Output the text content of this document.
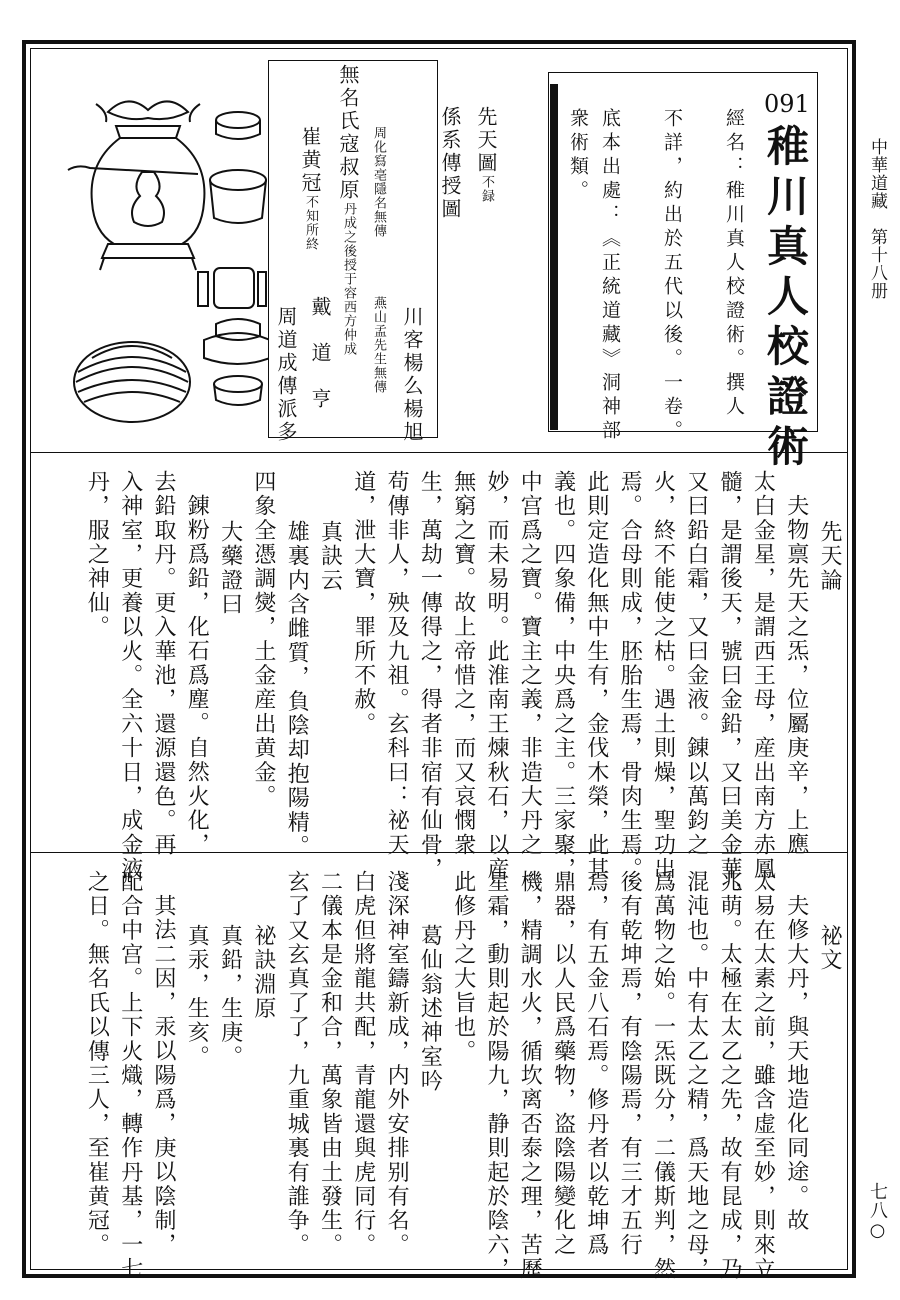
中華道藏　第十八册
七八○
091
稚川真人校證術
經名：稚川真人校證術。撰人
不詳，約出於五代以後。一卷。
底本出處：《正統道藏》洞神部
衆術類。
先天圖不録
係系傳授圖
川客楊么楊旭
燕山孟先生無傳
周化寫亳隱名無傳
戴　道　亨
周道成傳派多
無名氏寇叔原丹成之後授于容西方仲成
崔黄冠不知所終
先天論
夫物禀先天之炁，位屬庚辛，上應
太白金星，是謂西王母，産出南方赤鳳
髓，是謂後天，號曰金鉛，又曰美金華，
又曰鉛白霜，又曰金液。錬以萬鈞之
火，終不能使之枯。遇土則燥，聖功出
焉。合母則成，胚胎生焉，骨肉生焉。
此則定造化無中生有，金伐木榮，此其
義也。四象備，中央爲之主。三家聚，
中宫爲之寶。寶主之義，非造大丹之
妙，而未易明。此淮南王煉秋石，以産
無窮之寶。故上帝惜之，而又哀憫衆
生，萬劫一傳得之，得者非宿有仙骨，
苟傳非人，殃及九祖。玄科曰：祕天
道，泄大寶，罪所不赦。
真訣云
雄裏内含雌質，負陰却抱陽精。
四象全憑調爕，土金産出黄金。
大藥證曰
錬粉爲鉛，化石爲塵。自然火化，
去鉛取丹。更入華池，還源還色。再
入神室，更養以火。全六十日，成金液
丹，服之神仙。
祕文
夫修大丹，與天地造化同途。故
太易在太素之前，雖含虚至妙，則來立
兆萌。太極在太乙之先，故有昆成，乃
混沌也。中有太乙之精，爲天地之母，
爲萬物之始。一炁既分，二儀斯判，然
後有乾坤焉，有陰陽焉，有三才五行
焉，有五金八石焉。修丹者以乾坤爲
鼎器，以人民爲藥物，盗陰陽變化之
機，精調水火，循坎离否泰之理，苦歷
星霜，動則起於陽九，静則起於陰六，
此修丹之大旨也。
葛仙翁述神室吟
淺深神室鑄新成，内外安排别有名。
白虎但將龍共配，青龍還與虎同行。
二儀本是金和合，萬象皆由土發生。
玄了又玄真了了，九重城裏有誰争。
祕訣淵原
真鉛，生庚。
真汞，生亥。
其法二因，汞以陽爲，庚以陰制，
配合中宫。上下火熾，轉作丹基，一七
之日。無名氏以傳三人，至崔黄冠。
